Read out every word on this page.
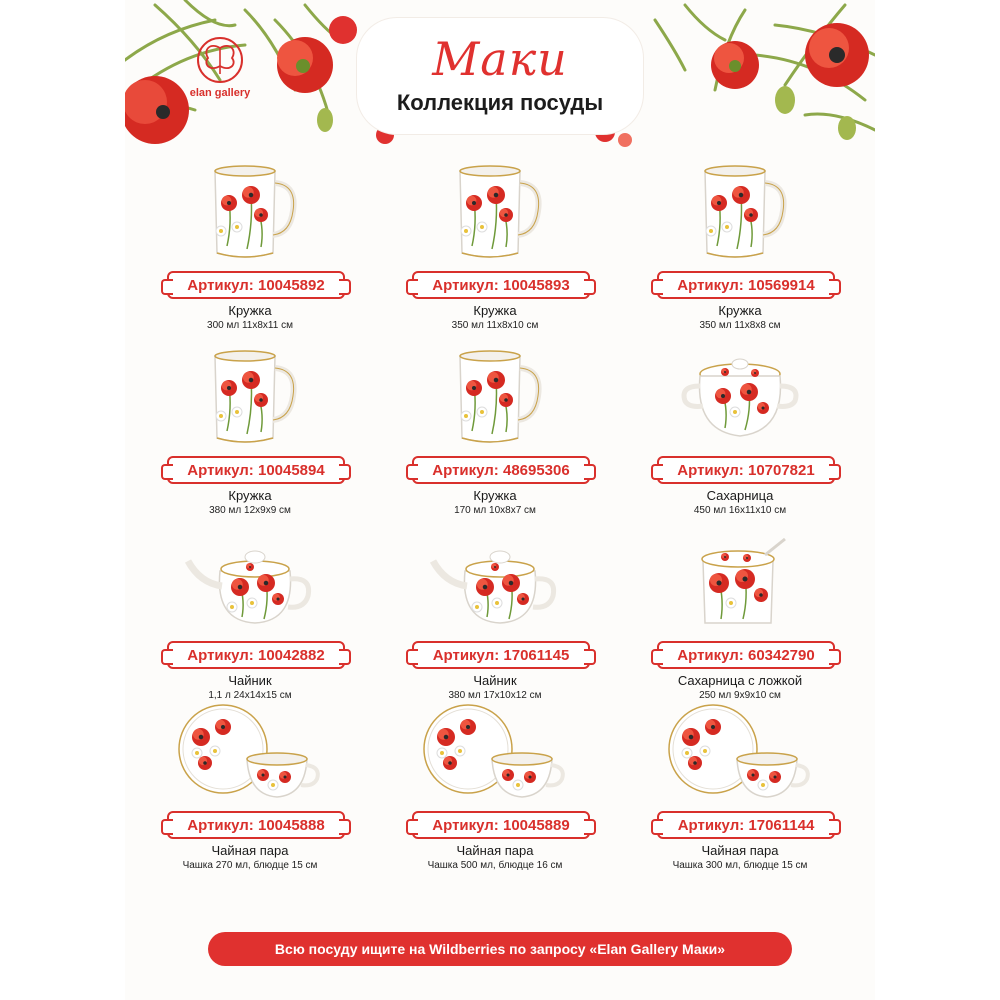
elan gallery
Маки
Коллекция посуды
Артикул: 10045892
Кружка
300 мл 11х8х11 см
Артикул: 10045893
Кружка
350 мл 11х8х10 см
Артикул: 10569914
Кружка
350 мл 11х8х8 см
Артикул: 10045894
Кружка
380 мл 12х9х9 см
Артикул: 48695306
Кружка
170 мл 10х8х7 см
Артикул: 10707821
Сахарница
450 мл 16х11х10 см
Артикул: 10042882
Чайник
1,1 л 24х14х15 см
Артикул: 17061145
Чайник
380 мл 17х10х12 см
Артикул: 60342790
Сахарница с ложкой
250 мл 9х9х10 см
Артикул: 10045888
Чайная пара
Чашка 270 мл, блюдце 15 см
Артикул: 10045889
Чайная пара
Чашка 500 мл, блюдце 16 см
Артикул: 17061144
Чайная пара
Чашка 300 мл, блюдце 15 см
Всю посуду ищите на Wildberries по запросу «Elan Gallery Маки»
